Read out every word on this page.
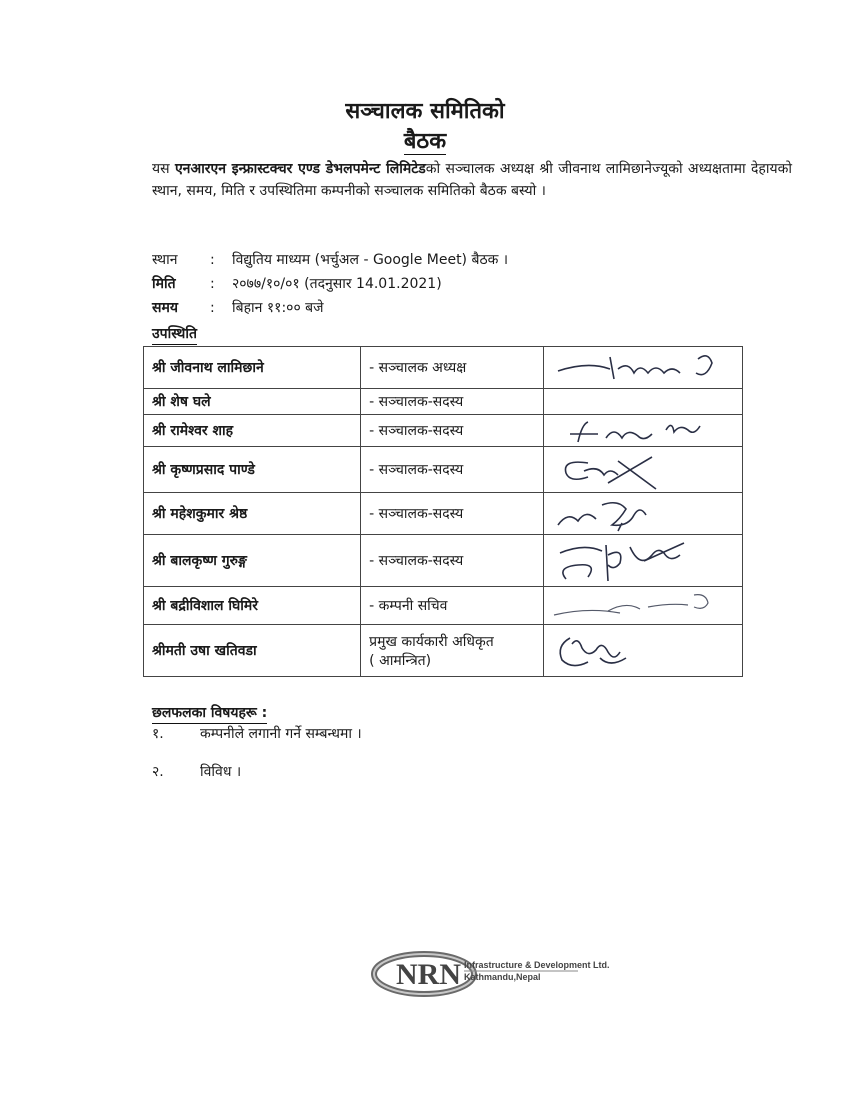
सञ्चालक समितिको
बैठक
यस एनआरएन इन्फ्रास्टक्चर एण्ड डेभलपमेन्ट लिमिटेडको सञ्चालक अध्यक्ष श्री जीवनाथ लामिछानेज्यूको अध्यक्षतामा देहायको स्थान, समय, मिति र उपस्थितिमा कम्पनीको सञ्चालक समितिको बैठक बस्यो ।
स्थान : विद्युतिय माध्यम (भर्चुअल - Google Meet) बैठक ।
मिति : २०७७/१०/०१ (तदनुसार 14.01.2021)
समय : बिहान ११:०० बजे
उपस्थिति
श्री जीवनाथ लामिछाने	- सञ्चालक अध्यक्ष	

श्री शेष घले	- सञ्चालक-सदस्य	
श्री रामेश्वर शाह	- सञ्चालक-सदस्य	

श्री कृष्णप्रसाद पाण्डे	- सञ्चालक-सदस्य	

श्री महेशकुमार श्रेष्ठ	- सञ्चालक-सदस्य	

श्री बालकृष्ण गुरुङ्ग	- सञ्चालक-सदस्य	

श्री बद्रीविशाल घिमिरे	- कम्पनी सचिव	

श्रीमती उषा खतिवडा	प्रमुख कार्यकारी अधिकृत
( आमन्त्रित)

छलफलका विषयहरू :
१.	कम्पनीले लगानी गर्ने सम्बन्धमा ।
२.	विविध ।
NRN Infrastructure & Development Ltd.
Kathmandu,Nepal
